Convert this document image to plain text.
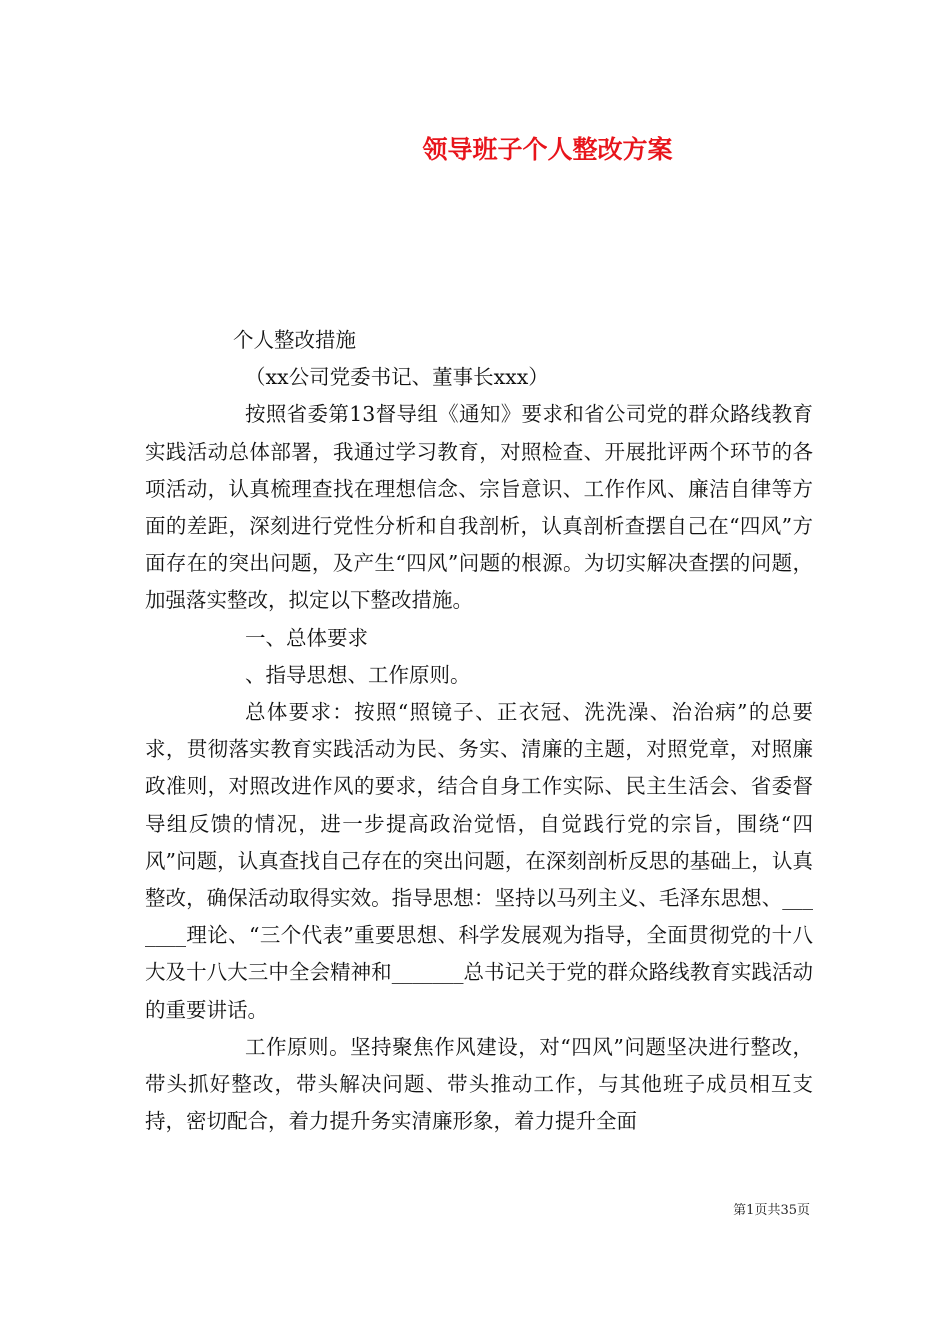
领导班子个人整改方案

个人整改措施

（xx公司党委书记、董事长xxx）

按照省委第13督导组《通知》要求和省公司党的群众路线教育实践活动总体部署，我通过学习教育，对照检查、开展批评两个环节的各项活动，认真梳理查找在理想信念、宗旨意识、工作作风、廉洁自律等方面的差距，深刻进行党性分析和自我剖析，认真剖析查摆自己在“四风”方面存在的突出问题，及产生“四风”问题的根源。为切实解决查摆的问题，加强落实整改，拟定以下整改措施。

一、总体要求

、指导思想、工作原则。

总体要求：按照“照镜子、正衣冠、洗洗澡、治治病”的总要求，贯彻落实教育实践活动为民、务实、清廉的主题，对照党章，对照廉政准则，对照改进作风的要求，结合自身工作实际、民主生活会、省委督导组反馈的情况，进一步提高政治觉悟，自觉践行党的宗旨，围绕“四风”问题，认真查找自己存在的突出问题，在深刻剖析反思的基础上，认真整改，确保活动取得实效。指导思想：坚持以马列主义、毛泽东思想、_______理论、“三个代表”重要思想、科学发展观为指导，全面贯彻党的十八大及十八大三中全会精神和_______总书记关于党的群众路线教育实践活动的重要讲话。

工作原则。坚持聚焦作风建设，对“四风”问题坚决进行整改，带头抓好整改，带头解决问题、带头推动工作，与其他班子成员相互支持，密切配合，着力提升务实清廉形象，着力提升全面

第1页共35页
